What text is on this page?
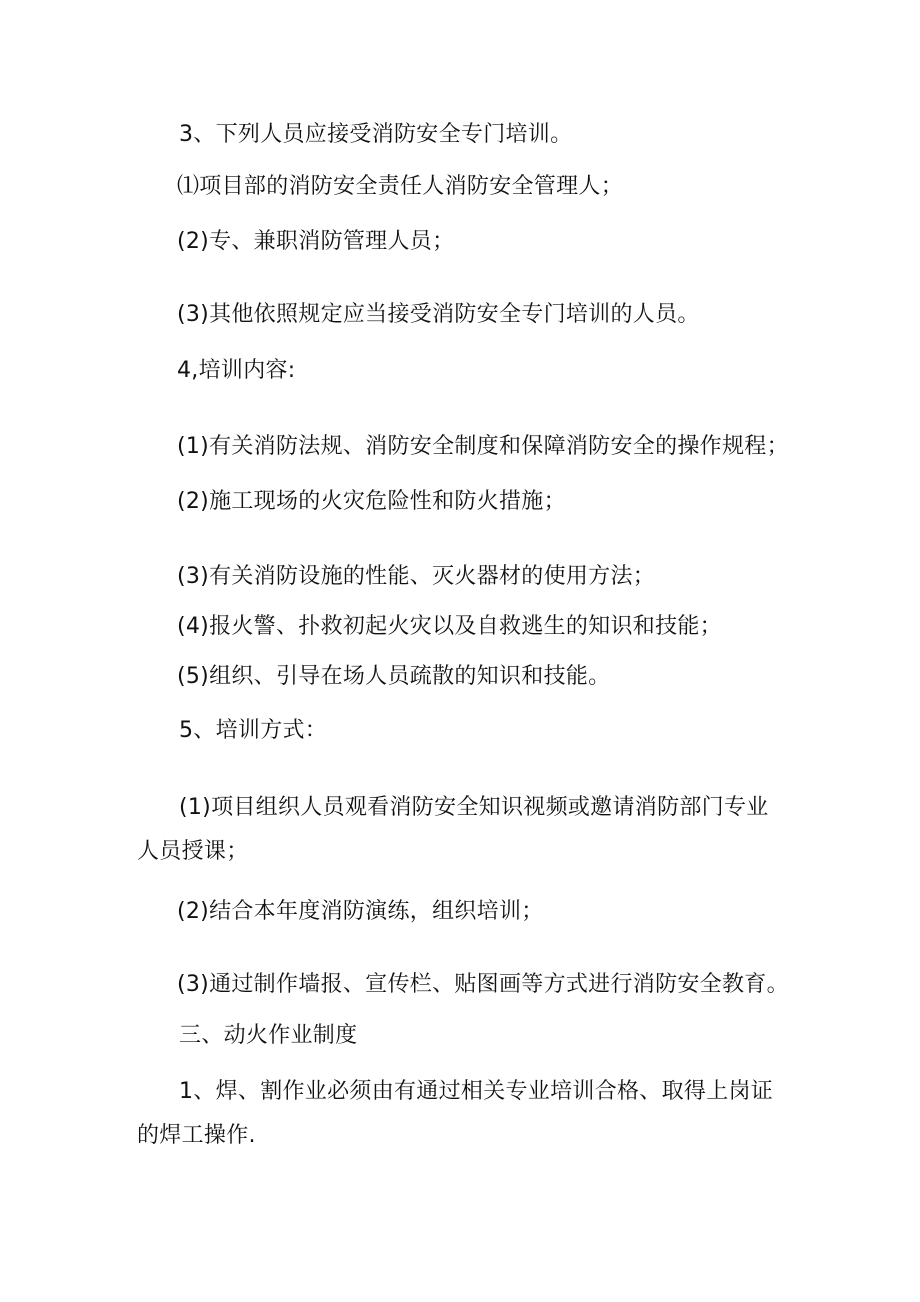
3、下列人员应接受消防安全专门培训。

⑴项目部的消防安全责任人消防安全管理人；

(2)专、兼职消防管理人员；

(3)其他依照规定应当接受消防安全专门培训的人员。

4,培训内容:

(1)有关消防法规、消防安全制度和保障消防安全的操作规程；

(2)施工现场的火灾危险性和防火措施；

(3)有关消防设施的性能、灭火器材的使用方法；

(4)报火警、扑救初起火灾以及自救逃生的知识和技能；

(5)组织、引导在场人员疏散的知识和技能。

5、培训方式：

(1)项目组织人员观看消防安全知识视频或邀请消防部门专业人员授课；

(2)结合本年度消防演练，组织培训；

(3)通过制作墙报、宣传栏、贴图画等方式进行消防安全教育。

三、动火作业制度

1、焊、割作业必须由有通过相关专业培训合格、取得上岗证的焊工操作.
